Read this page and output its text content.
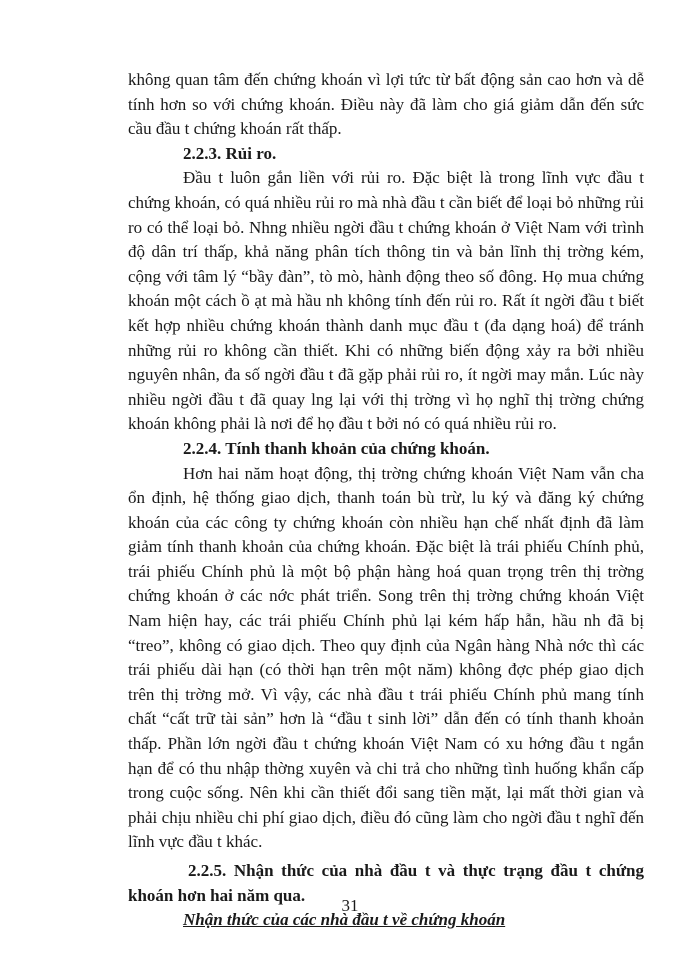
không quan tâm đến chứng khoán vì lợi tức từ bất động sản cao hơn và dễ tính hơn so với chứng khoán. Điều này đã làm cho giá giảm dẫn đến sức cầu đầu t chứng khoán rất thấp.

2.2.3. Rủi ro.

Đầu t luôn gắn liền với rủi ro. Đặc biệt là trong lĩnh vực đầu t chứng khoán, có quá nhiều rủi ro mà nhà đầu t cần biết để loại bỏ những rủi ro có thể loại bỏ. Nhng nhiều ngời đầu t chứng khoán ở Việt Nam với trình độ dân trí thấp, khả năng phân tích thông tin và bản lĩnh thị trờng kém, cộng với tâm lý “bầy đàn”, tò mò, hành động theo số đông. Họ mua chứng khoán một cách ồ ạt mà hầu nh không tính đến rủi ro. Rất ít ngời đầu t biết kết hợp nhiều chứng khoán thành danh mục đầu t (đa dạng hoá) để tránh những rủi ro không cần thiết. Khi có những biến động xảy ra bởi nhiều nguyên nhân, đa số ngời đầu t đã gặp phải rủi ro, ít ngời may mắn. Lúc này nhiều ngời đầu t đã quay lng lại với thị trờng vì họ nghĩ thị trờng chứng khoán không phải là nơi để họ đầu t bởi nó có quá nhiều rủi ro.

2.2.4. Tính thanh khoản của chứng khoán.

Hơn hai năm hoạt động, thị trờng chứng khoán Việt Nam vẫn cha ổn định, hệ thống giao dịch, thanh toán bù trừ, lu ký và đăng ký chứng khoán của các công ty chứng khoán còn nhiều hạn chế nhất định đã làm giảm tính thanh khoản của chứng khoán. Đặc biệt là trái phiếu Chính phủ, trái phiếu Chính phủ là một bộ phận hàng hoá quan trọng trên thị trờng chứng khoán ở các nớc phát triển. Song trên thị trờng chứng khoán Việt Nam hiện hay, các trái phiếu Chính phủ lại kém hấp hẫn, hầu nh đã bị “treo”, không có giao dịch. Theo quy định của Ngân hàng Nhà nớc thì các trái phiếu dài hạn (có thời hạn trên một năm) không đợc phép giao dịch trên thị trờng mở. Vì vậy, các nhà đầu t trái phiếu Chính phủ mang tính chất “cất trữ tài sản” hơn là “đầu t sinh lời” dẫn đến có tính thanh khoản thấp. Phần lớn ngời đầu t chứng khoán Việt Nam có xu hớng đầu t ngắn hạn để có thu nhập thờng xuyên và chi trả cho những tình huống khẩn cấp trong cuộc sống. Nên khi cần thiết đổi sang tiền mặt, lại mất thời gian và phải chịu nhiều chi phí giao dịch, điều đó cũng làm cho ngời đầu t nghĩ đến lĩnh vực đầu t khác.

2.2.5. Nhận thức của nhà đầu t và thực trạng đầu t chứng khoán hơn hai năm qua.

Nhận thức của các nhà đầu t về chứng khoán

31
